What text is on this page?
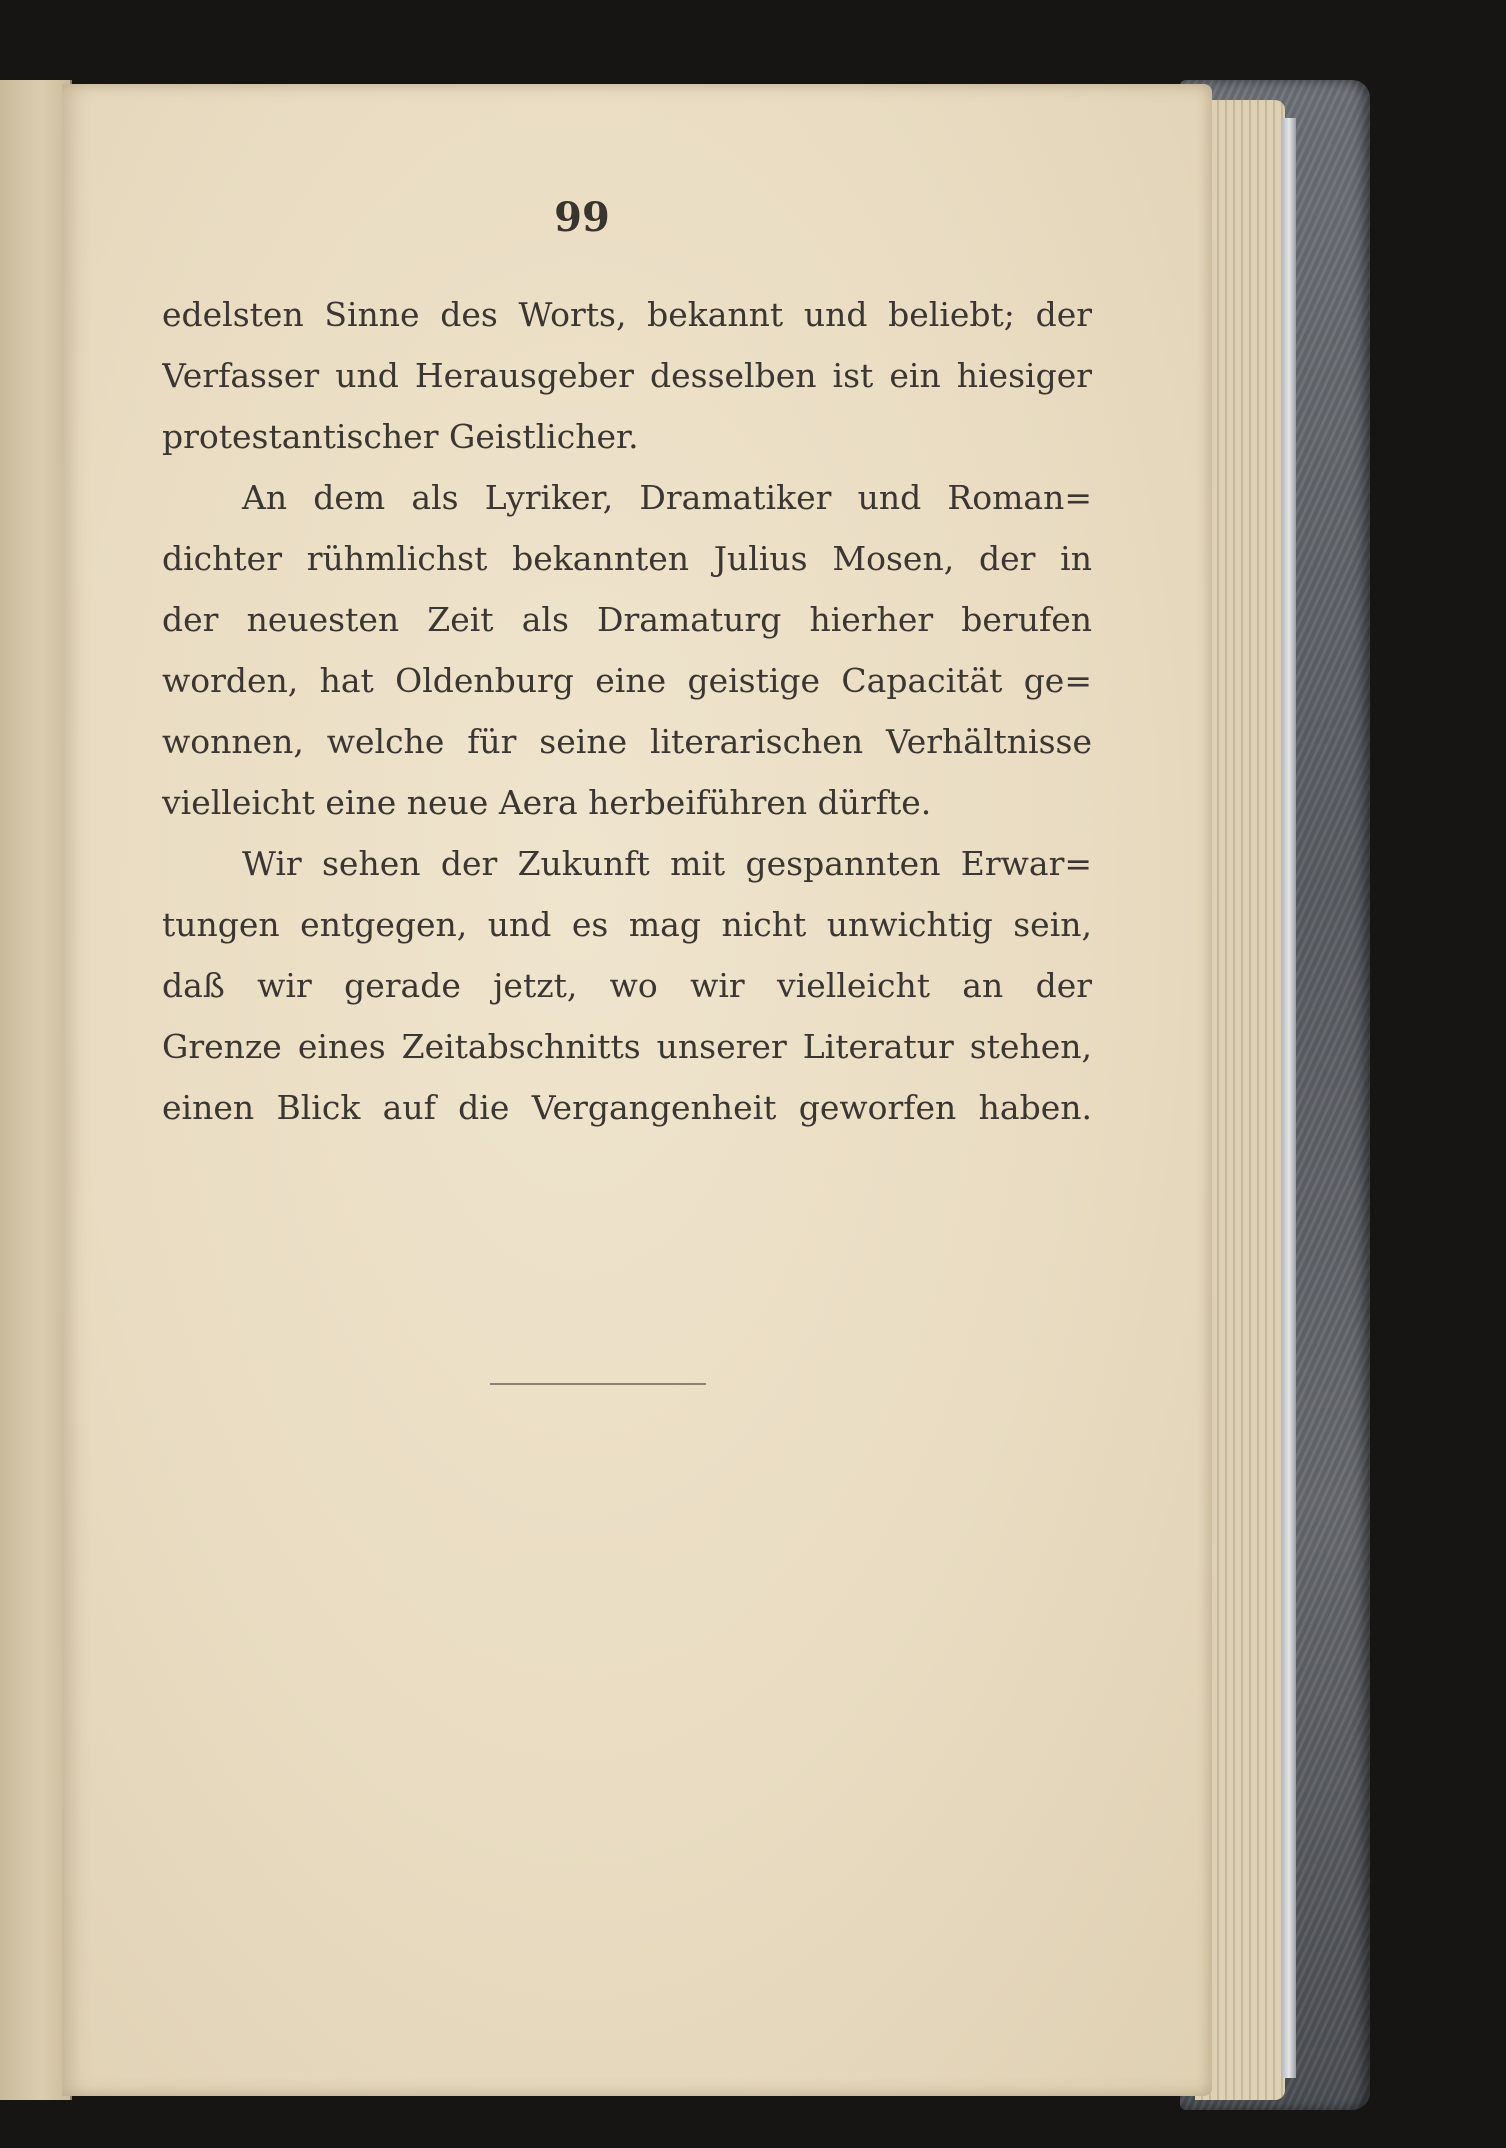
99
edelsten Sinne des Worts, bekannt und beliebt; der
Verfasser und Herausgeber desselben ist ein hiesiger
protestantischer Geistlicher.
An dem als Lyriker, Dramatiker und Roman=
dichter rühmlichst bekannten Julius Mosen, der in
der neuesten Zeit als Dramaturg hierher berufen
worden, hat Oldenburg eine geistige Capacität ge=
wonnen, welche für seine literarischen Verhältnisse
vielleicht eine neue Aera herbeiführen dürfte.
Wir sehen der Zukunft mit gespannten Erwar=
tungen entgegen, und es mag nicht unwichtig sein,
daß wir gerade jetzt, wo wir vielleicht an der
Grenze eines Zeitabschnitts unserer Literatur stehen,
einen Blick auf die Vergangenheit geworfen haben.
